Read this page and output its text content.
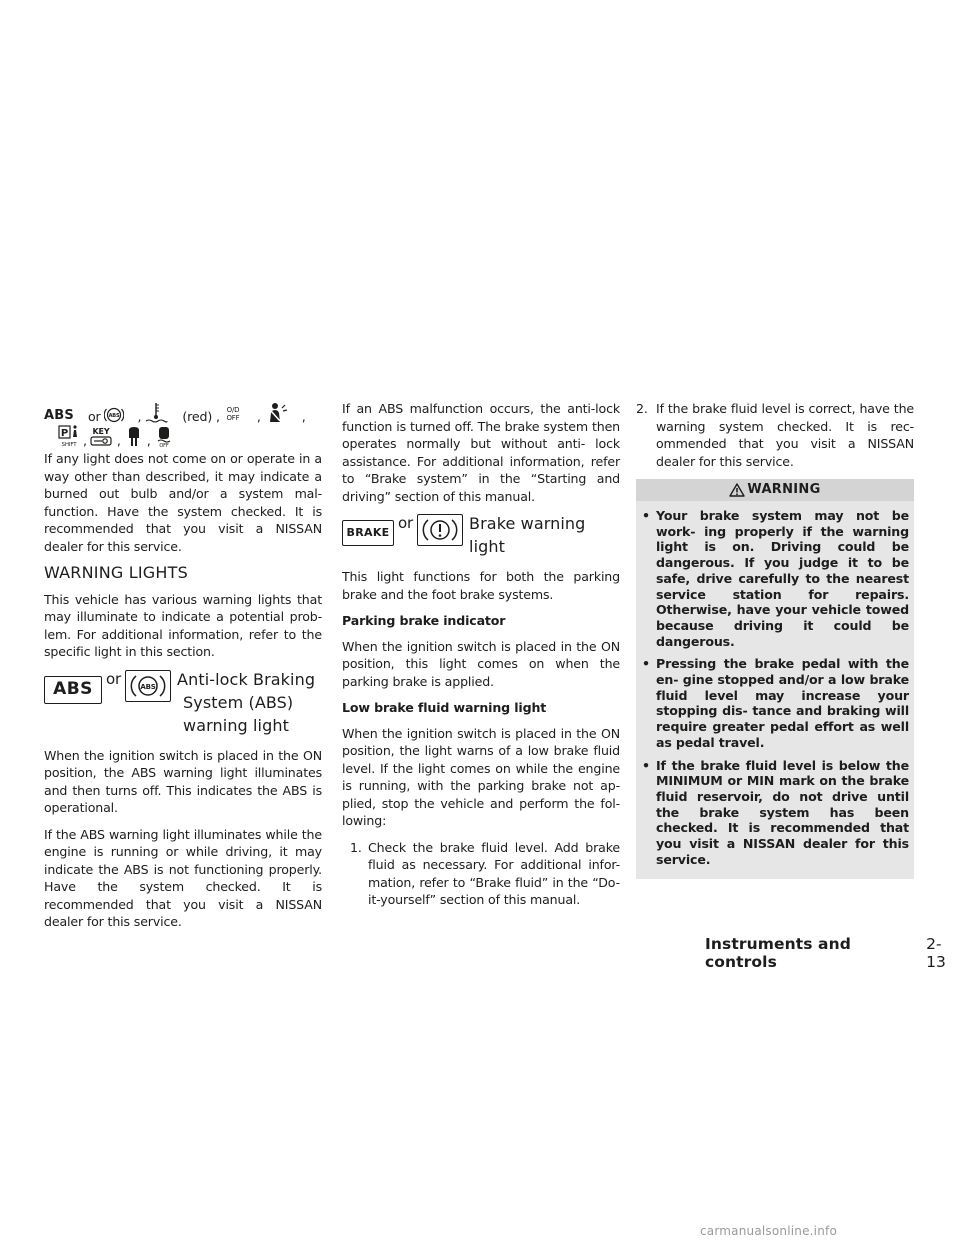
ABS or ABS ,	(red) , O/D
OFF ,	,
P
SHIFT ,
KEY
, , OFF

If any light does not come on or operate in a way other than described, it may indicate a burned out bulb and/or a system mal- function. Have the system checked. It is recommended that you visit a NISSAN dealer for this service.

WARNING LIGHTS

This vehicle has various warning lights that may illuminate to indicate a potential prob- lem. For additional information, refer to the specific light in this section.

ABS
or	ABS Anti-lock Braking
System (ABS)
warning light

When the ignition switch is placed in the ON position, the ABS warning light illuminates and then turns off. This indicates the ABS is operational.

If the ABS warning light illuminates while the engine is running or while driving, it may indicate the ABS is not functioning properly. Have the system checked. It is recommended that you visit a NISSAN dealer for this service.

If an ABS malfunction occurs, the anti-lock function is turned off. The brake system then operates normally but without anti- lock assistance. For additional information, refer to “Brake system” in the “Starting and driving” section of this manual.

BRAKE
or	Brake warning
light

This light functions for both the parking brake and the foot brake systems.

Parking brake indicator

When the ignition switch is placed in the ON position, this light comes on when the parking brake is applied.

Low brake fluid warning light

When the ignition switch is placed in the ON position, the light warns of a low brake fluid level. If the light comes on while the engine is running, with the parking brake not ap- plied, stop the vehicle and perform the fol- lowing:

1. Check the brake fluid level. Add brake fluid as necessary. For additional infor- mation, refer to “Brake fluid” in the “Do- it-yourself” section of this manual.
2. If the brake fluid level is correct, have the warning system checked. It is rec- ommended that you visit a NISSAN dealer for this service.
WARNING
• Your brake system may not be work- ing properly if the warning light is on. Driving could be dangerous. If you judge it to be safe, drive carefully to the nearest service station for repairs. Otherwise, have your vehicle towed because driving it could be dangerous.
• Pressing the brake pedal with the en- gine stopped and/or a low brake fluid level may increase your stopping dis- tance and braking will require greater pedal effort as well as pedal travel.
• If the brake fluid level is below the MINIMUM or MIN mark on the brake fluid reservoir, do not drive until the brake system has been checked. It is recommended that you visit a NISSAN dealer for this service.
Instruments and controls
2-13
carmanualsonline.info
